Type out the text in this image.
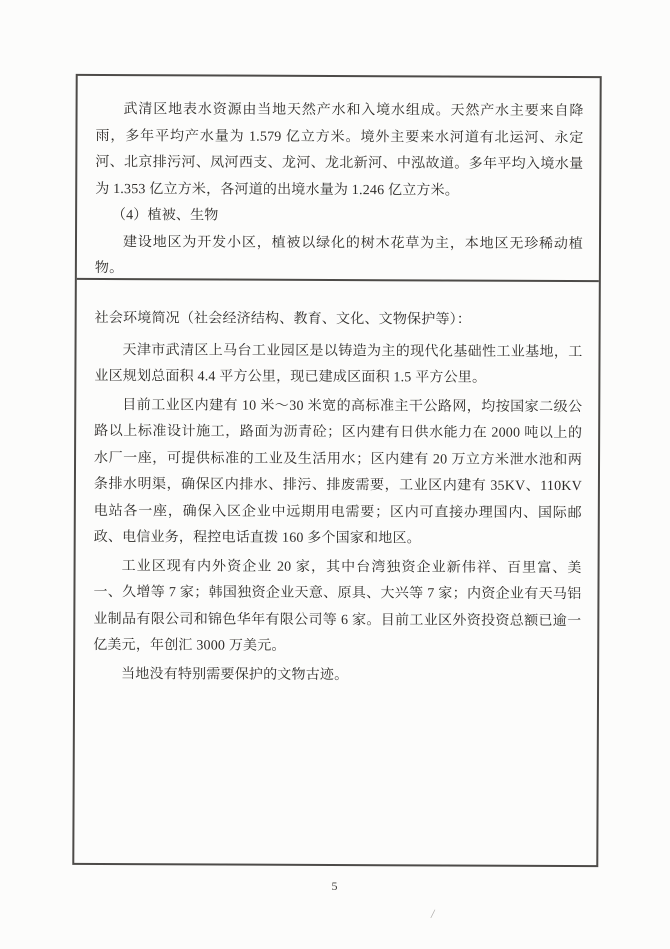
武清区地表水资源由当地天然产水和入境水组成。天然产水主要来自降雨，多年平均产水量为 1.579 亿立方米。境外主要来水河道有北运河、永定河、北京排污河、凤河西支、龙河、龙北新河、中泓故道。多年平均入境水量为 1.353 亿立方米，各河道的出境水量为 1.246 亿立方米。

（4）植被、生物

建设地区为开发小区，植被以绿化的树木花草为主，本地区无珍稀动植物。

社会环境简况（社会经济结构、教育、文化、文物保护等）：

天津市武清区上马台工业园区是以铸造为主的现代化基础性工业基地，工业区规划总面积 4.4 平方公里，现已建成区面积 1.5 平方公里。

目前工业区内建有 10 米～30 米宽的高标准主干公路网，均按国家二级公路以上标准设计施工，路面为沥青砼；区内建有日供水能力在 2000 吨以上的水厂一座，可提供标准的工业及生活用水；区内建有 20 万立方米泄水池和两条排水明渠，确保区内排水、排污、排废需要，工业区内建有 35KV、110KV 电站各一座，确保入区企业中远期用电需要；区内可直接办理国内、国际邮政、电信业务，程控电话直拨 160 多个国家和地区。

工业区现有内外资企业 20 家，其中台湾独资企业新伟祥、百里富、美一、久增等 7 家；韩国独资企业天意、原具、大兴等 7 家；内资企业有天马铝业制品有限公司和锦色华年有限公司等 6 家。目前工业区外资投资总额已逾一亿美元，年创汇 3000 万美元。

当地没有特别需要保护的文物古迹。

5
/
